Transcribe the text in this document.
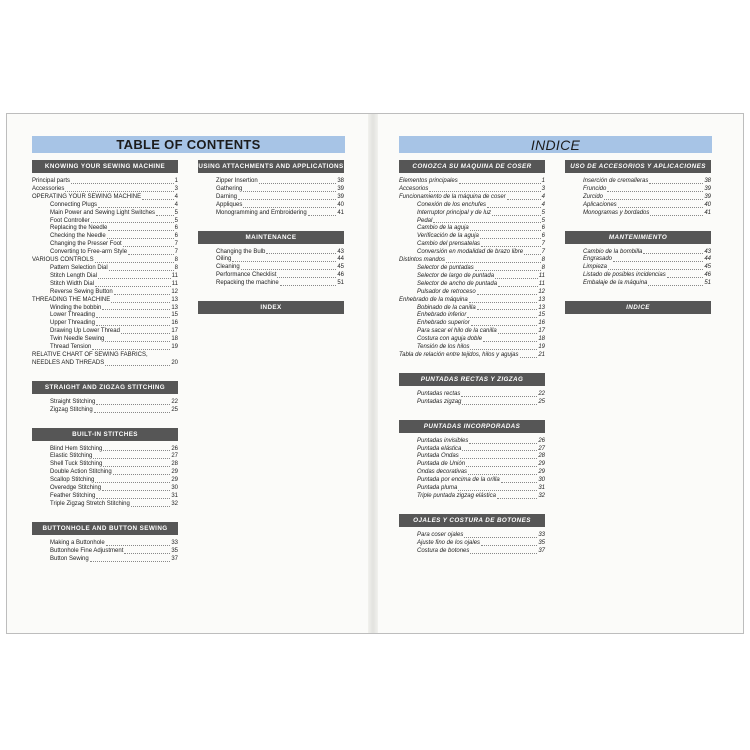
TABLE OF CONTENTS	INDICE
KNOWING YOUR SEWING MACHINE
Principal parts	1
Accessories	3
OPERATING YOUR SEWING MACHINE	4
Connecting Plugs	4
Main Power and Sewing Light Switches	5
Foot Controller	5
Replacing the Needle	6
Checking the Needle	6
Changing the Presser Foot	7
Converting to Free-arm Style	7
VARIOUS CONTROLS	8
Pattern Selection Dial	8
Stitch Length Dial	11
Stitch Width Dial	11
Reverse Sewing Button	12
THREADING THE MACHINE	13
Winding the bobbin	13
Lower Threading	15
Upper Threading	16
Drawing Up Lower Thread	17
Twin Needle Sewing	18
Thread Tension	19
RELATIVE CHART OF SEWING FABRICS,
NEEDLES AND THREADS	20
STRAIGHT AND ZIGZAG STITCHING
Straight Stitching	22
Zigzag Stitching	25
BUILT-IN STITCHES
Blind Hem Stitching	26
Elastic Stitching	27
Shell Tuck Stitching	28
Double Action Stitching	29
Scallop Stitching	29
Overedge Stitching	30
Feather Stitching	31
Triple Zigzag Stretch Stitching	32
BUTTONHOLE AND BUTTON SEWING
Making a Buttonhole	33
Buttonhole Fine Adjustment	35
Button Sewing	37
USING ATTACHMENTS AND APPLICATIONS
Zipper Insertion	38
Gathering	39
Darning	39
Appliques	40
Monogramming and Embroidering	41
MAINTENANCE
Changing the Bulb	43
Oiling	44
Cleaning	45
Performance Checklist	46
Repacking the machine	51
INDEX
CONOZCA SU MAQUINA DE COSER
Elementos principales	1
Accesorios	3
Funcionamiento de la máquina de coser	4
Conexión de los enchufes	4
Interruptor principal y de luz	5
Pedal	5
Cambio de la aguja	6
Verificación de la aguja	6
Cambio del prensatelas	7
Conversión en modalidad de brazo libre	7
Distintos mandos	8
Selector de puntadas	8
Selector de largo de puntada	11
Selector de ancho de puntada	11
Pulsador de retroceso	12
Enhebrado de la máquina	13
Bobinado de la canilla	13
Enhebrado inferior	15
Enhebrado superior	16
Para sacar el hilo de la canilla	17
Costura con aguja doble	18
Tensión de los hilos	19
Tabla de relación entre tejidos, hilos y agujas	21
PUNTADAS RECTAS Y ZIGZAG
Puntadas rectas	22
Puntadas zigzag	25
PUNTADAS INCORPORADAS
Puntadas invisibles	26
Puntada elástica	27
Puntada Ondas	28
Puntada de Unión	29
Ondas decorativas	29
Puntada por encima de la orilla	30
Puntada pluma	31
Triple puntada zigzag elástica	32
OJALES Y COSTURA DE BOTONES
Para coser ojales	33
Ajuste fino de los ojales	35
Costura de botones	37
USO DE ACCESORIOS Y APLICACIONES
Inserción de cremalleras	38
Fruncido	39
Zurcido	39
Aplicaciones	40
Monogramas y bordados	41
MANTENIMIENTO
Cambio de la bombilla	43
Engrasado	44
Limpieza	45
Listado de posibles incidencias	46
Embalaje de la máquina	51
INDICE
